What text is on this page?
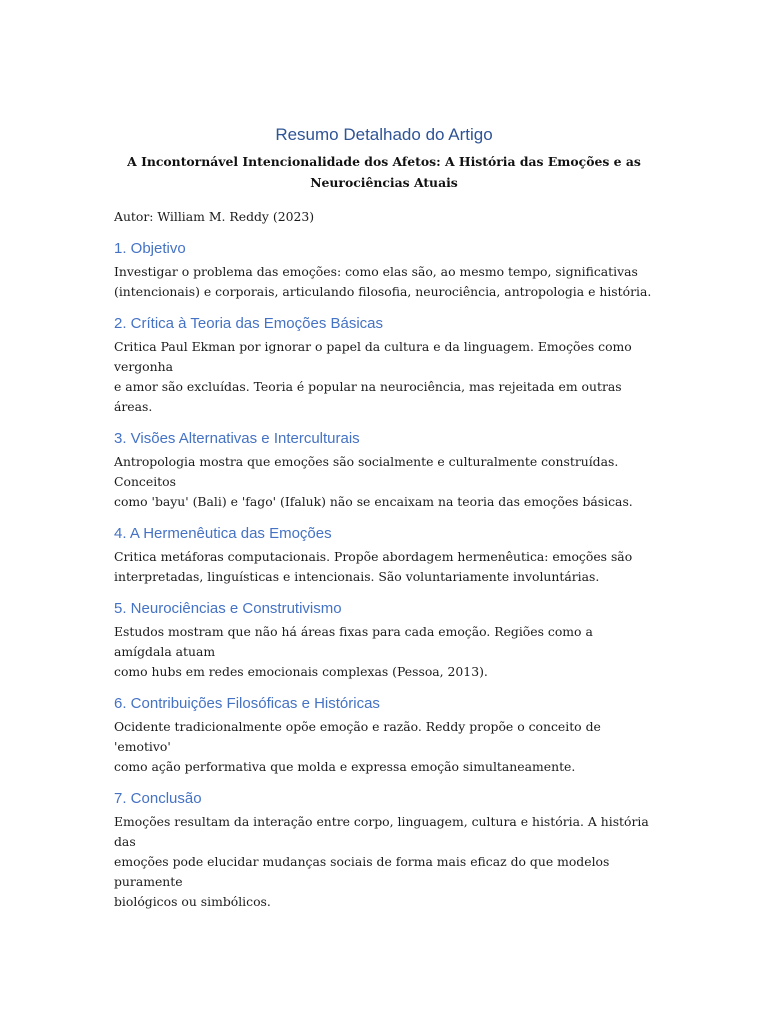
Resumo Detalhado do Artigo
A Incontornável Intencionalidade dos Afetos: A História das Emoções e as
Neurociências Atuais

Autor: William M. Reddy (2023)

1. Objetivo

Investigar o problema das emoções: como elas são, ao mesmo tempo, significativas
(intencionais) e corporais, articulando filosofia, neurociência, antropologia e história.

2. Crítica à Teoria das Emoções Básicas

Critica Paul Ekman por ignorar o papel da cultura e da linguagem. Emoções como vergonha
e amor são excluídas. Teoria é popular na neurociência, mas rejeitada em outras áreas.

3. Visões Alternativas e Interculturais

Antropologia mostra que emoções são socialmente e culturalmente construídas. Conceitos
como 'bayu' (Bali) e 'fago' (Ifaluk) não se encaixam na teoria das emoções básicas.

4. A Hermenêutica das Emoções

Critica metáforas computacionais. Propõe abordagem hermenêutica: emoções são
interpretadas, linguísticas e intencionais. São voluntariamente involuntárias.

5. Neurociências e Construtivismo

Estudos mostram que não há áreas fixas para cada emoção. Regiões como a amígdala atuam
como hubs em redes emocionais complexas (Pessoa, 2013).

6. Contribuições Filosóficas e Históricas

Ocidente tradicionalmente opõe emoção e razão. Reddy propõe o conceito de 'emotivo'
como ação performativa que molda e expressa emoção simultaneamente.

7. Conclusão

Emoções resultam da interação entre corpo, linguagem, cultura e história. A história das
emoções pode elucidar mudanças sociais de forma mais eficaz do que modelos puramente
biológicos ou simbólicos.
